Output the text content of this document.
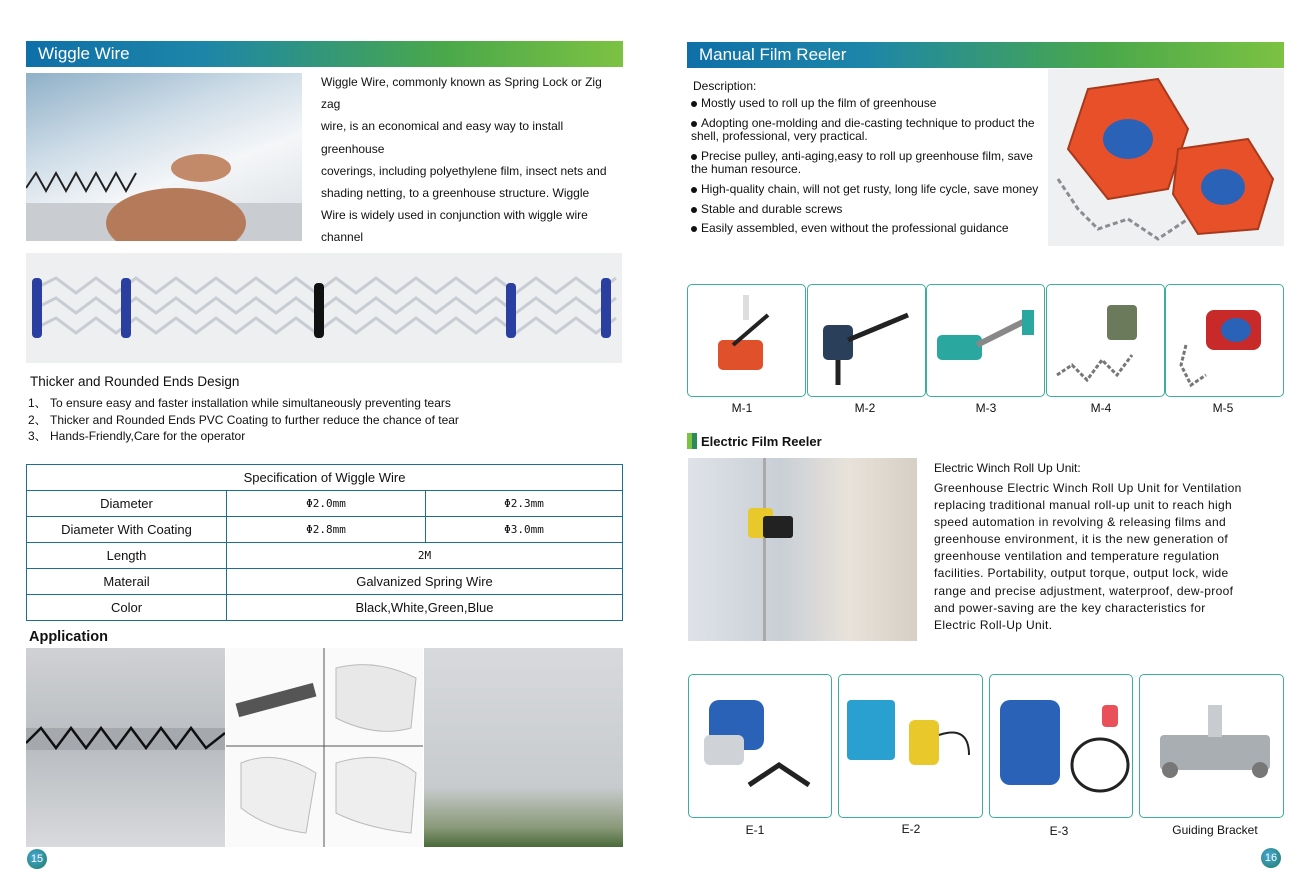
Wiggle Wire
Wiggle Wire, commonly known as Spring Lock or Zig zag
wire, is an economical and easy way to install greenhouse
coverings, including polyethylene film, insect nets and
shading netting, to a greenhouse structure. Wiggle
Wire is widely used in conjunction with wiggle wire channel
Thicker and Rounded Ends Design
1、 To ensure easy and faster installation while simultaneously preventing tears
2、 Thicker and Rounded Ends PVC Coating to further reduce the chance of tear
3、 Hands-Friendly,Care for the operator
Specification of Wiggle Wire		
Diameter	Φ2.0mm	Φ2.3mm
Diameter With Coating	Φ2.8mm	Φ3.0mm
Length	2M	
Materail	Galvanized Spring Wire	
Color	Black,White,Green,Blue	
Application
15
Manual Film Reeler
Description:
Mostly used to roll up the film of greenhouse
Adopting one-molding and die-casting technique to product the shell, professional, very practical.
Precise pulley, anti-aging,easy to roll up greenhouse film, save the human resource.
High-quality chain, will not get rusty, long life cycle, save money
Stable and durable screws
Easily assembled, even without the professional guidance
M-1	M-2	M-3	M-4	M-5
Electric Film Reeler
Electric Winch Roll Up Unit:
Greenhouse Electric Winch Roll Up Unit for Ventilation
replacing traditional manual roll-up unit to reach high
speed automation in revolving & releasing films and
greenhouse environment, it is the new generation of
greenhouse ventilation and temperature regulation
facilities. Portability, output torque, output lock, wide
range and precise adjustment, waterproof, dew-proof
and power-saving are the key characteristics for
Electric Roll-Up Unit.
E-1	E-2	E-3	Guiding Bracket
16
